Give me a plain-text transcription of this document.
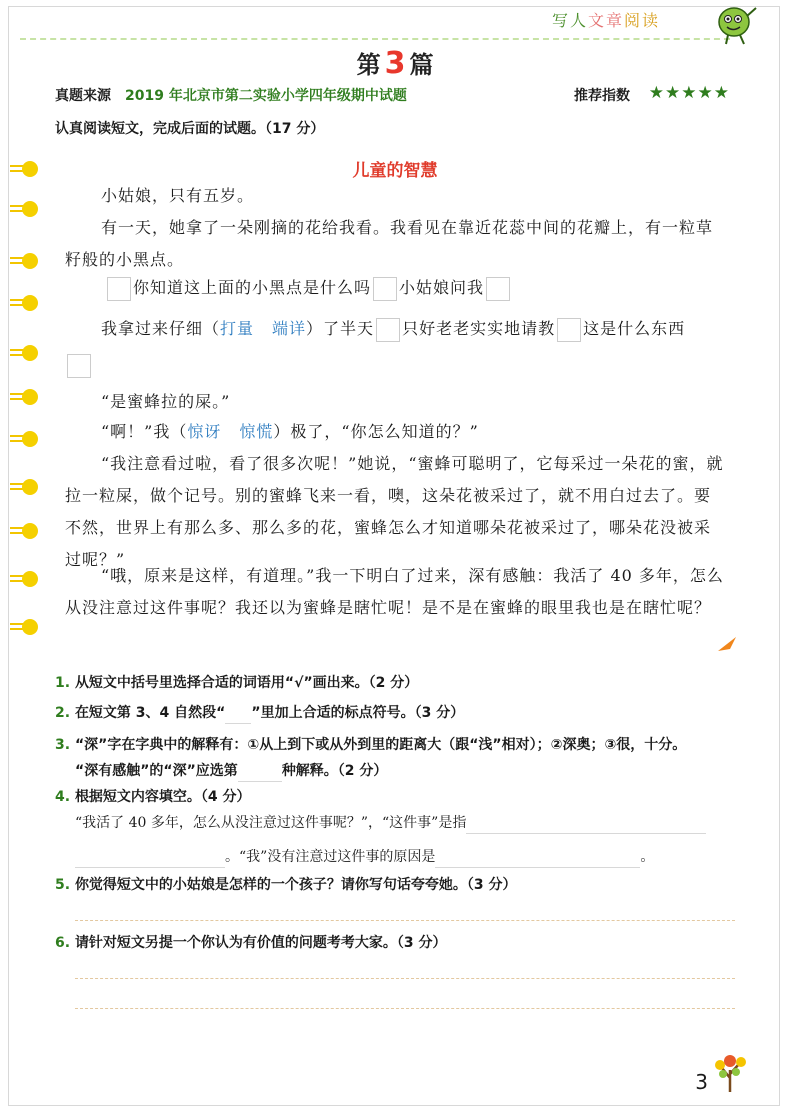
写人文章阅读
第 3 篇
真题来源 2019 年北京市第二实验小学四年级期中试题	推荐指数 ★★★★★
认真阅读短文，完成后面的试题。（17 分）
儿童的智慧
小姑娘，只有五岁。
有一天，她拿了一朵刚摘的花给我看。我看见在靠近花蕊中间的花瓣上，有一粒草籽般的小黑点。
你知道这上面的小黑点是什么吗 小姑娘问我
我拿过来仔细（打量 端详）了半天 只好老老实实地请教 这是什么东西
“是蜜蜂拉的屎。”
“啊！”我（惊讶 惊慌）极了，“你怎么知道的？”
“我注意看过啦，看了很多次呢！”她说，“蜜蜂可聪明了，它每采过一朵花的蜜，就拉一粒屎，做个记号。别的蜜蜂飞来一看，噢，这朵花被采过了，就不用白过去了。要不然，世界上有那么多、那么多的花，蜜蜂怎么才知道哪朵花被采过了，哪朵花没被采过呢？”
“哦，原来是这样，有道理。”我一下明白了过来，深有感触：我活了 40 多年，怎么从没注意过这件事呢？我还以为蜜蜂是瞎忙呢！是不是在蜜蜂的眼里我也是在瞎忙呢？
1. 从短文中括号里选择合适的词语用“√”画出来。（2 分）
2. 在短文第 3、4 自然段“ ”里加上合适的标点符号。（3 分）
3. “深”字在字典中的解释有：①从上到下或从外到里的距离大（跟“浅”相对）；②深奥；③很，十分。
“深有感触”的“深”应选第	种解释。（2 分）
4. 根据短文内容填空。（4 分）
“我活了 40 多年，怎么从没注意过这件事呢？”，“这件事”是指
。“我”没有注意过这件事的原因是	。
5. 你觉得短文中的小姑娘是怎样的一个孩子？请你写句话夸夸她。（3 分）
6. 请针对短文另提一个你认为有价值的问题考考大家。（3 分）
3
